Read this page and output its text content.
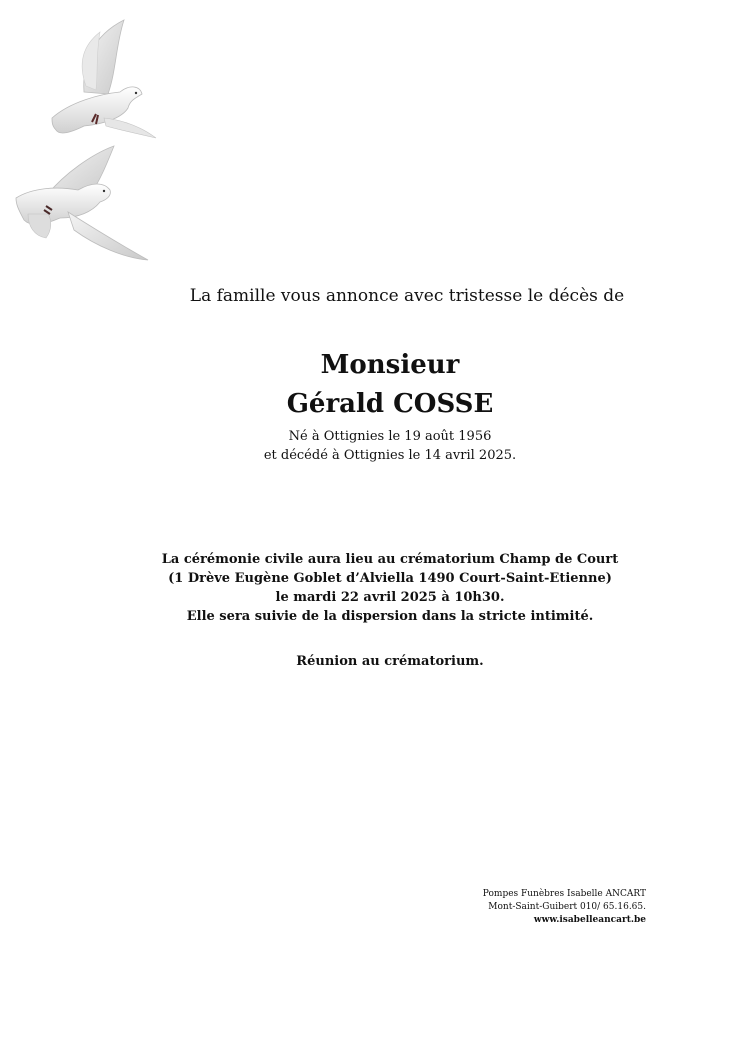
La famille vous annonce avec tristesse le décès de
Monsieur
Gérald COSSE
Né à Ottignies le 19 août 1956
et décédé à Ottignies le 14 avril 2025.
La cérémonie civile aura lieu au crématorium Champ de Court
(1 Drève Eugène Goblet d’Alviella 1490 Court-Saint-Etienne)
le mardi 22 avril 2025 à 10h30.
Elle sera suivie de la dispersion dans la stricte intimité.
Réunion au crématorium.
Pompes Funèbres Isabelle ANCART
Mont-Saint-Guibert 010/ 65.16.65.
www.isabelleancart.be
